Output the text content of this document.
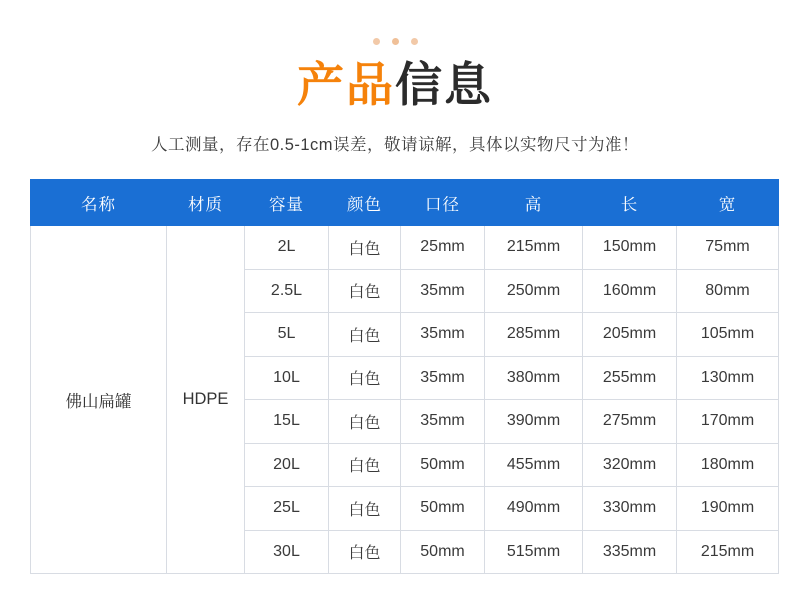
产品信息
人工测量，存在0.5-1cm误差，敬请谅解，具体以实物尺寸为准！
名称	材质	容量	颜色	口径	高	长	宽
佛山扁罐	HDPE	2L	白色	25mm	215mm	150mm	75mm
		2.5L	白色	35mm	250mm	160mm	80mm
		5L	白色	35mm	285mm	205mm	105mm
		10L	白色	35mm	380mm	255mm	130mm
		15L	白色	35mm	390mm	275mm	170mm
		20L	白色	50mm	455mm	320mm	180mm
		25L	白色	50mm	490mm	330mm	190mm
		30L	白色	50mm	515mm	335mm	215mm
